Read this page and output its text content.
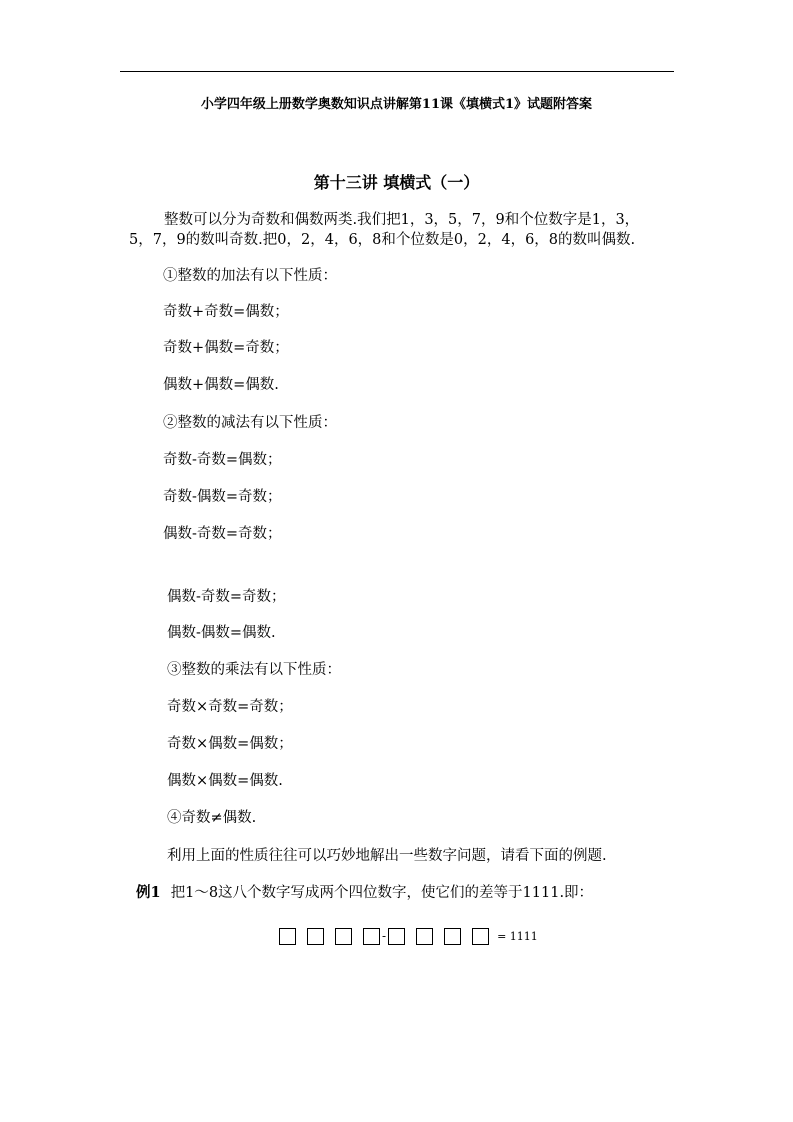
小学四年级上册数学奥数知识点讲解第11课《填横式1》试题附答案
第十三讲 填横式（一）
整数可以分为奇数和偶数两类.我们把1，3，5，7，9和个位数字是1，3，
5，7，9的数叫奇数.把0，2，4，6，8和个位数是0，2，4，6，8的数叫偶数.
①整数的加法有以下性质：
奇数+奇数=偶数；
奇数+偶数=奇数；
偶数+偶数=偶数.
②整数的减法有以下性质：
奇数-奇数=偶数；
奇数-偶数=奇数；
偶数-奇数=奇数；
偶数-奇数=奇数；
偶数-偶数=偶数.
③整数的乘法有以下性质：
奇数×奇数=奇数；
奇数×偶数=偶数；
偶数×偶数=偶数.
④奇数≠偶数.
利用上面的性质往往可以巧妙地解出一些数字问题，请看下面的例题.
例1 把1～8这八个数字写成两个四位数字，使它们的差等于1111.即：
-	= 1111
